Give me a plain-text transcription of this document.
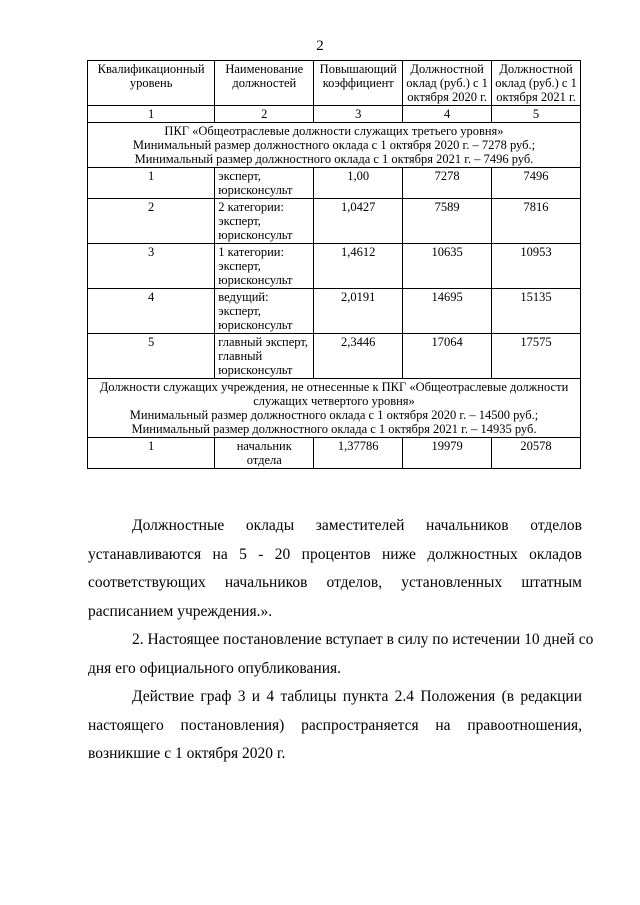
2
Квалификационный уровень	Наименование должностей	Повышающий коэффициент	Должностной оклад (руб.) с 1 октября 2020 г.	Должностной оклад (руб.) с 1 октября 2021 г.
1	2	3	4	5
ПКГ «Общеотраслевые должности служащих третьего уровня»
Минимальный размер должностного оклада с 1 октября 2020 г. – 7278 руб.;
Минимальный размер должностного оклада с 1 октября 2021 г. – 7496 руб.				
1	эксперт, юрисконсульт	1,00	7278	7496
2	2 категории: эксперт, юрисконсульт	1,0427	7589	7816
3	1 категории: эксперт, юрисконсульт	1,4612	10635	10953
4	ведущий: эксперт, юрисконсульт	2,0191	14695	15135
5	главный эксперт, главный юрисконсульт	2,3446	17064	17575
Должности служащих учреждения, не отнесенные к ПКГ «Общеотраслевые должности служащих четвертого уровня»
Минимальный размер должностного оклада с 1 октября 2020 г. – 14500 руб.;
Минимальный размер должностного оклада с 1 октября 2021 г. – 14935 руб.				
1	начальник отдела	1,37786	19979	20578
Должностные оклады заместителей начальников отделов
устанавливаются на 5 - 20 процентов ниже должностных окладов
соответствующих начальников отделов, установленных штатным
расписанием учреждения.».
2. Настоящее постановление вступает в силу по истечении 10 дней со
дня его официального опубликования.
Действие граф 3 и 4 таблицы пункта 2.4 Положения (в редакции
настоящего постановления) распространяется на правоотношения,
возникшие с 1 октября 2020 г.
